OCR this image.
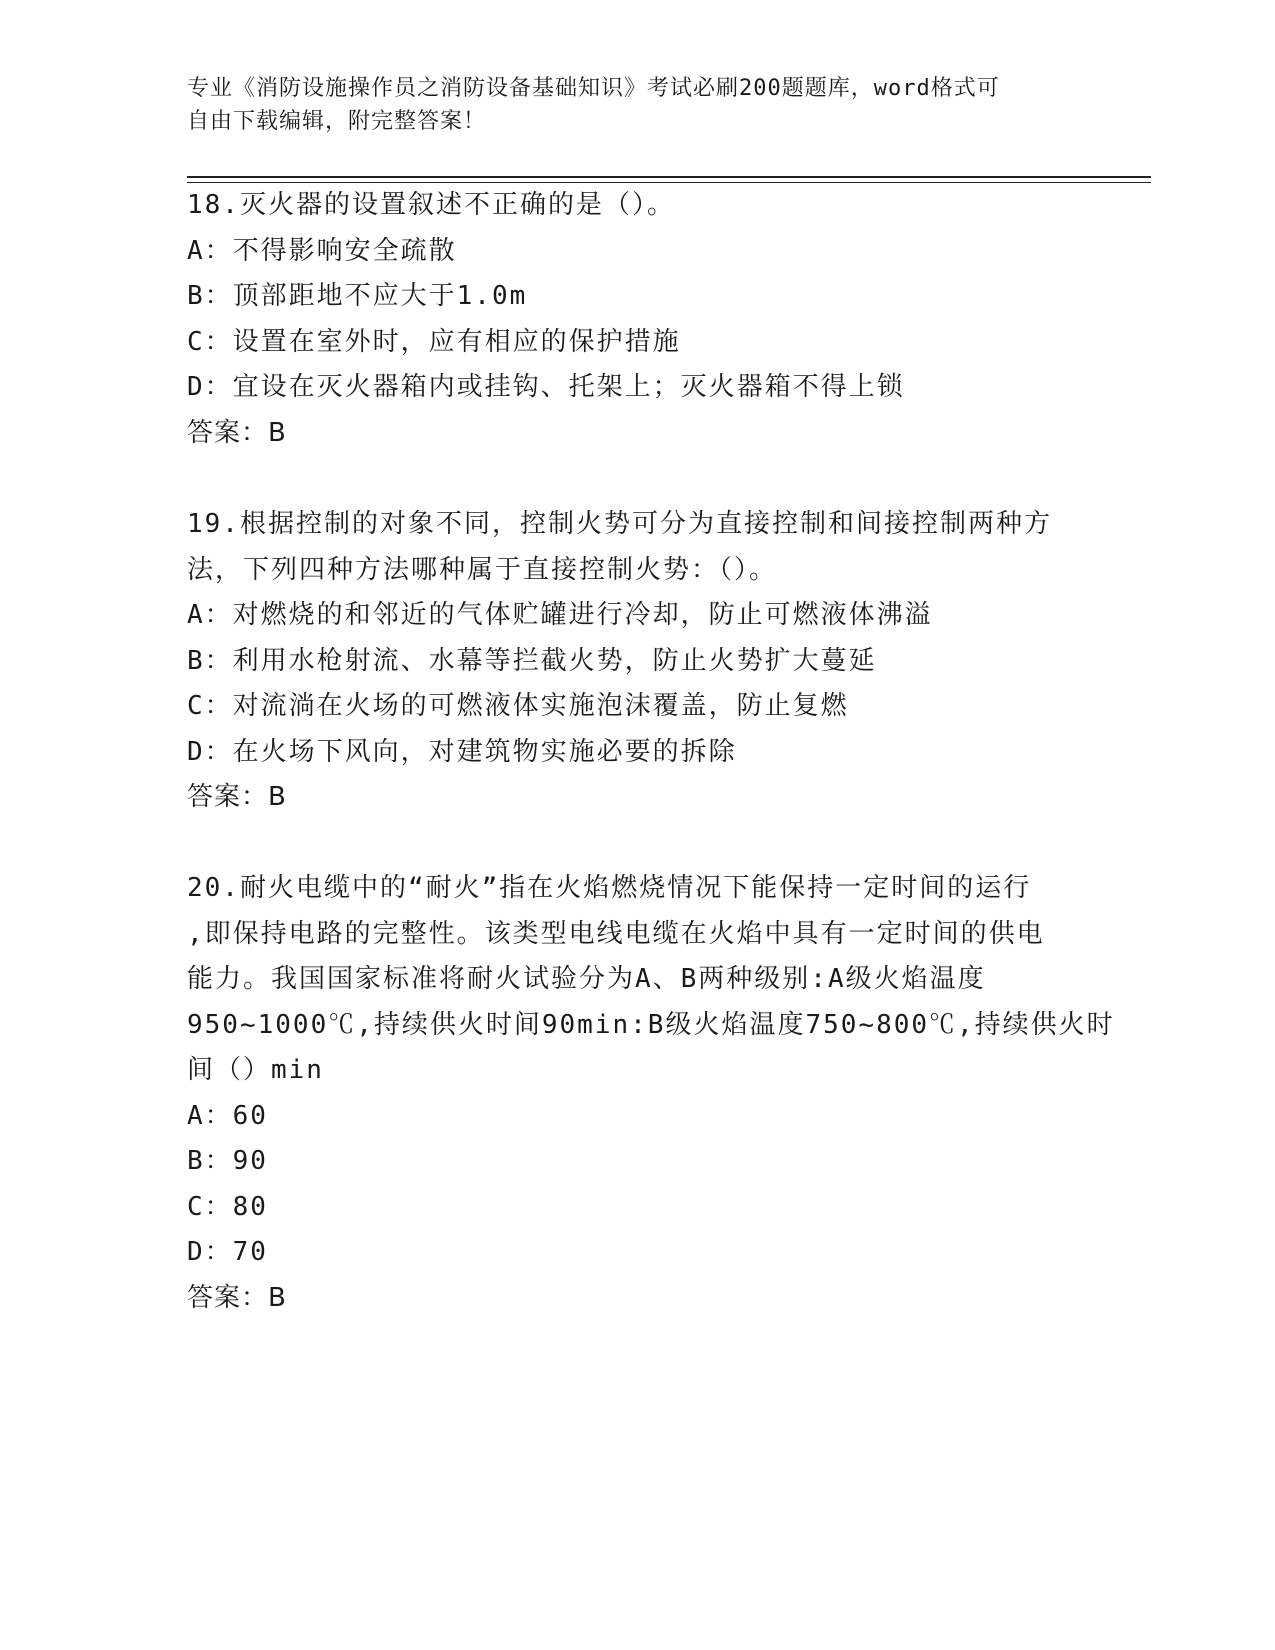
专业《消防设施操作员之消防设备基础知识》考试必刷200题题库，word格式可
自由下载编辑，附完整答案！
18.灭火器的设置叙述不正确的是（）。
A：不得影响安全疏散
B：顶部距地不应大于1.0m
C：设置在室外时，应有相应的保护措施
D：宜设在灭火器箱内或挂钩、托架上；灭火器箱不得上锁
答案：B
19.根据控制的对象不同，控制火势可分为直接控制和间接控制两种方
法，下列四种方法哪种属于直接控制火势：（）。
A：对燃烧的和邻近的气体贮罐进行冷却，防止可燃液体沸溢
B：利用水枪射流、水幕等拦截火势，防止火势扩大蔓延
C：对流淌在火场的可燃液体实施泡沫覆盖，防止复燃
D：在火场下风向，对建筑物实施必要的拆除
答案：B
20.耐火电缆中的“耐火”指在火焰燃烧情况下能保持一定时间的运行
,即保持电路的完整性。该类型电线电缆在火焰中具有一定时间的供电
能力。我国国家标准将耐火试验分为A、B两种级别:A级火焰温度
950~1000℃,持续供火时间90min:B级火焰温度750~800℃,持续供火时
间（）min
A：60
B：90
C：80
D：70
答案：B
